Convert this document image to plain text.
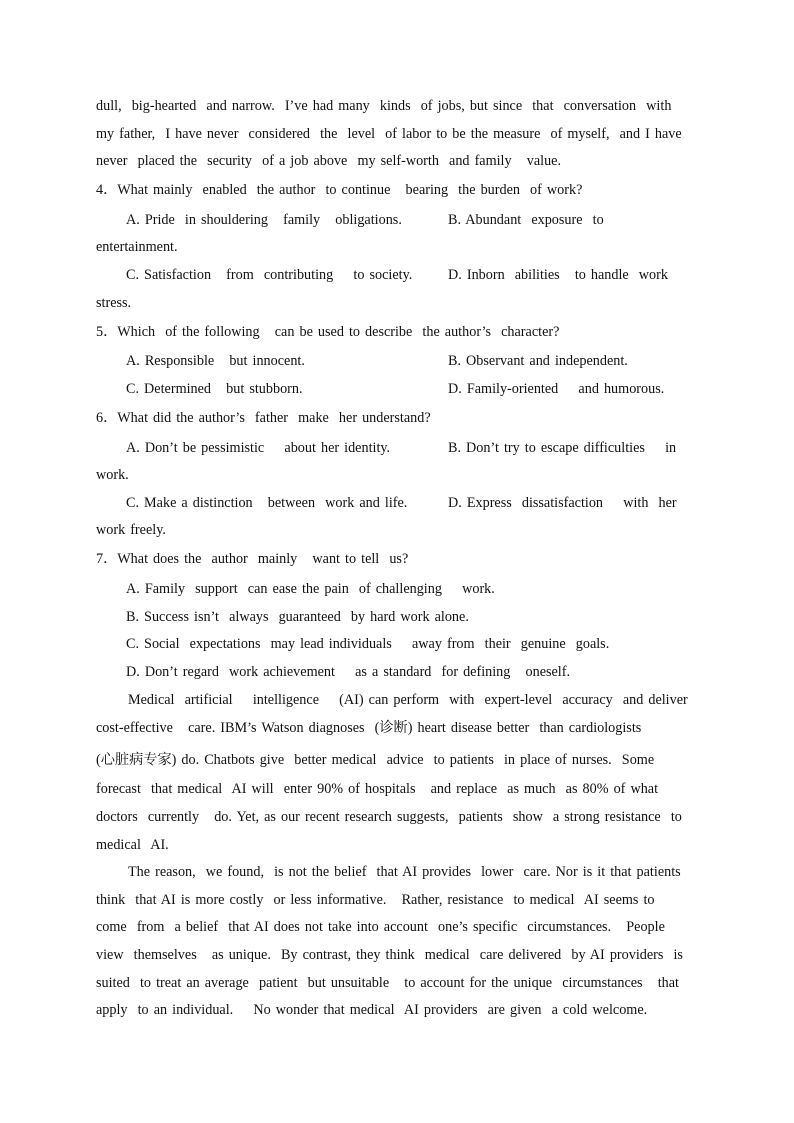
dull,  big-hearted  and narrow.  I’ve had many  kinds  of jobs, but since  that  conversation  with
my father,  I have never  considered  the  level  of labor to be the measure  of myself,  and I have
never  placed the  security  of a job above  my self-worth  and family   value.
4．What mainly  enabled  the author  to continue   bearing  the burden  of work?
A. Pride  in shouldering   family   obligations.	B. Abundant  exposure  to
entertainment.
C. Satisfaction   from  contributing    to society.	D. Inborn  abilities   to handle  work
stress.
5．Which  of the following   can be used to describe  the author’s  character?
A. Responsible   but innocent.	B. Observant and independent.
C. Determined   but stubborn.	D. Family-oriented    and humorous.
6．What did the author’s  father  make  her understand?
A. Don’t be pessimistic    about her identity.	B. Don’t try to escape difficulties    in
work.
C. Make a distinction   between  work and life.	D. Express  dissatisfaction    with  her
work freely.
7．What does the  author  mainly   want to tell  us?
A. Family  support  can ease the pain  of challenging    work.
B. Success isn’t  always  guaranteed  by hard work alone.
C. Social  expectations  may lead individuals    away from  their  genuine  goals.
D. Don’t regard  work achievement    as a standard  for defining   oneself.
Medical  artificial    intelligence    (AI) can perform  with  expert-level  accuracy  and deliver
cost-effective   care. IBM’s Watson diagnoses  (诊断) heart disease better  than cardiologists
(心脏病专家) do. Chatbots give  better medical  advice  to patients  in place of nurses.  Some
forecast  that medical  AI will  enter 90% of hospitals   and replace  as much  as 80% of what
doctors  currently   do. Yet, as our recent research suggests,  patients  show  a strong resistance  to
medical  AI.
The reason,  we found,  is not the belief  that AI provides  lower  care. Nor is it that patients
think  that AI is more costly  or less informative.   Rather, resistance  to medical  AI seems to
come  from  a belief  that AI does not take into account  one’s specific  circumstances.   People
view  themselves   as unique.  By contrast, they think  medical  care delivered  by AI providers  is
suited  to treat an average  patient  but unsuitable   to account for the unique  circumstances   that
apply  to an individual.    No wonder that medical  AI providers  are given  a cold welcome.
